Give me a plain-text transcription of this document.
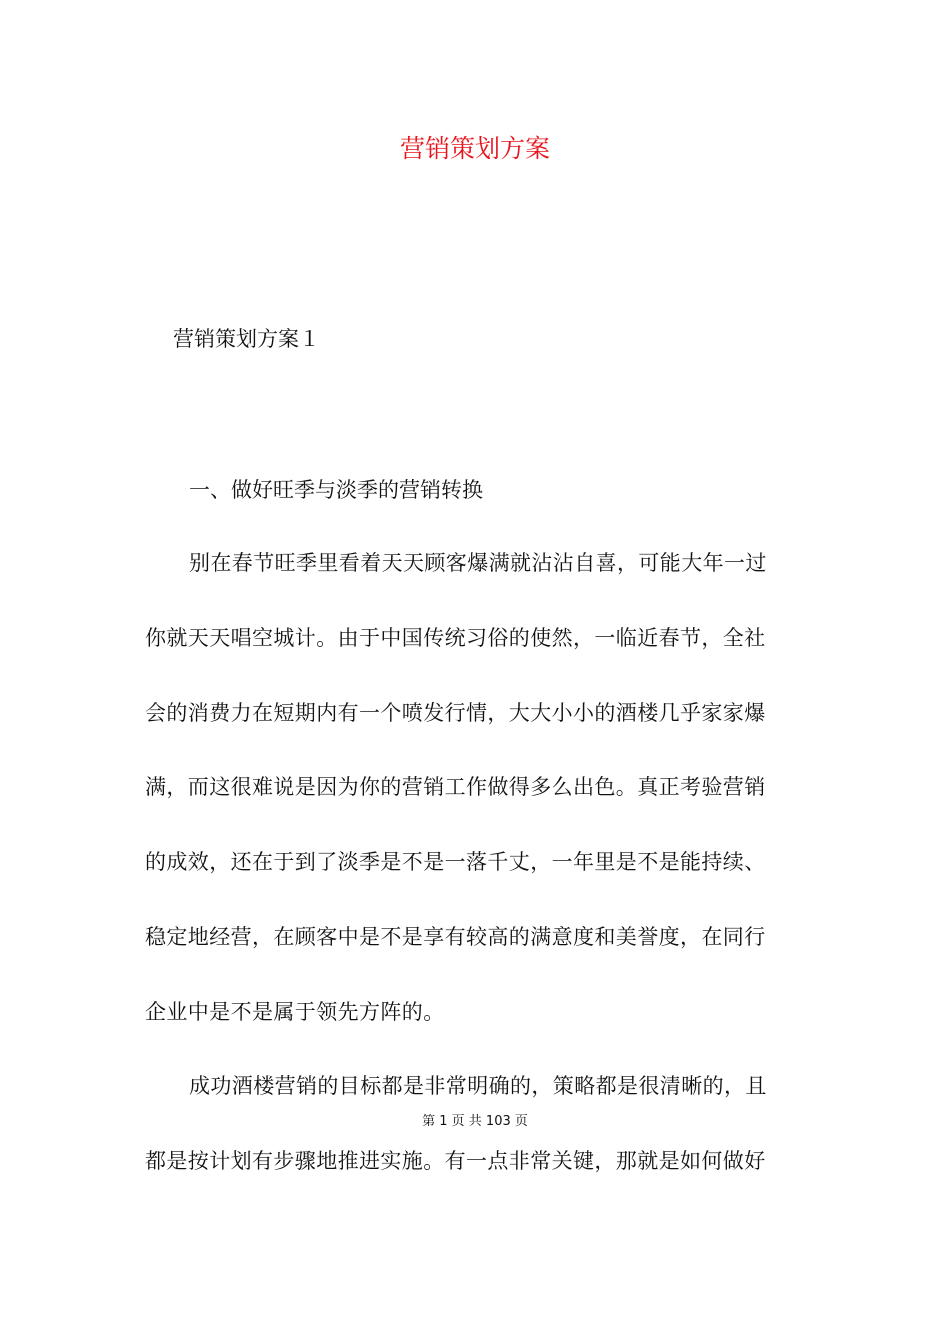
营销策划方案
营销策划方案１
一、做好旺季与淡季的营销转换
别在春节旺季里看着天天顾客爆满就沾沾自喜，可能大年一过
你就天天唱空城计。由于中国传统习俗的使然，一临近春节，全社
会的消费力在短期内有一个喷发行情，大大小小的酒楼几乎家家爆
满，而这很难说是因为你的营销工作做得多么出色。真正考验营销
的成效，还在于到了淡季是不是一落千丈，一年里是不是能持续、
稳定地经营，在顾客中是不是享有较高的满意度和美誉度，在同行
企业中是不是属于领先方阵的。
成功酒楼营销的目标都是非常明确的，策略都是很清晰的，且
都是按计划有步骤地推进实施。有一点非常关键，那就是如何做好
第 1 页 共 103 页
